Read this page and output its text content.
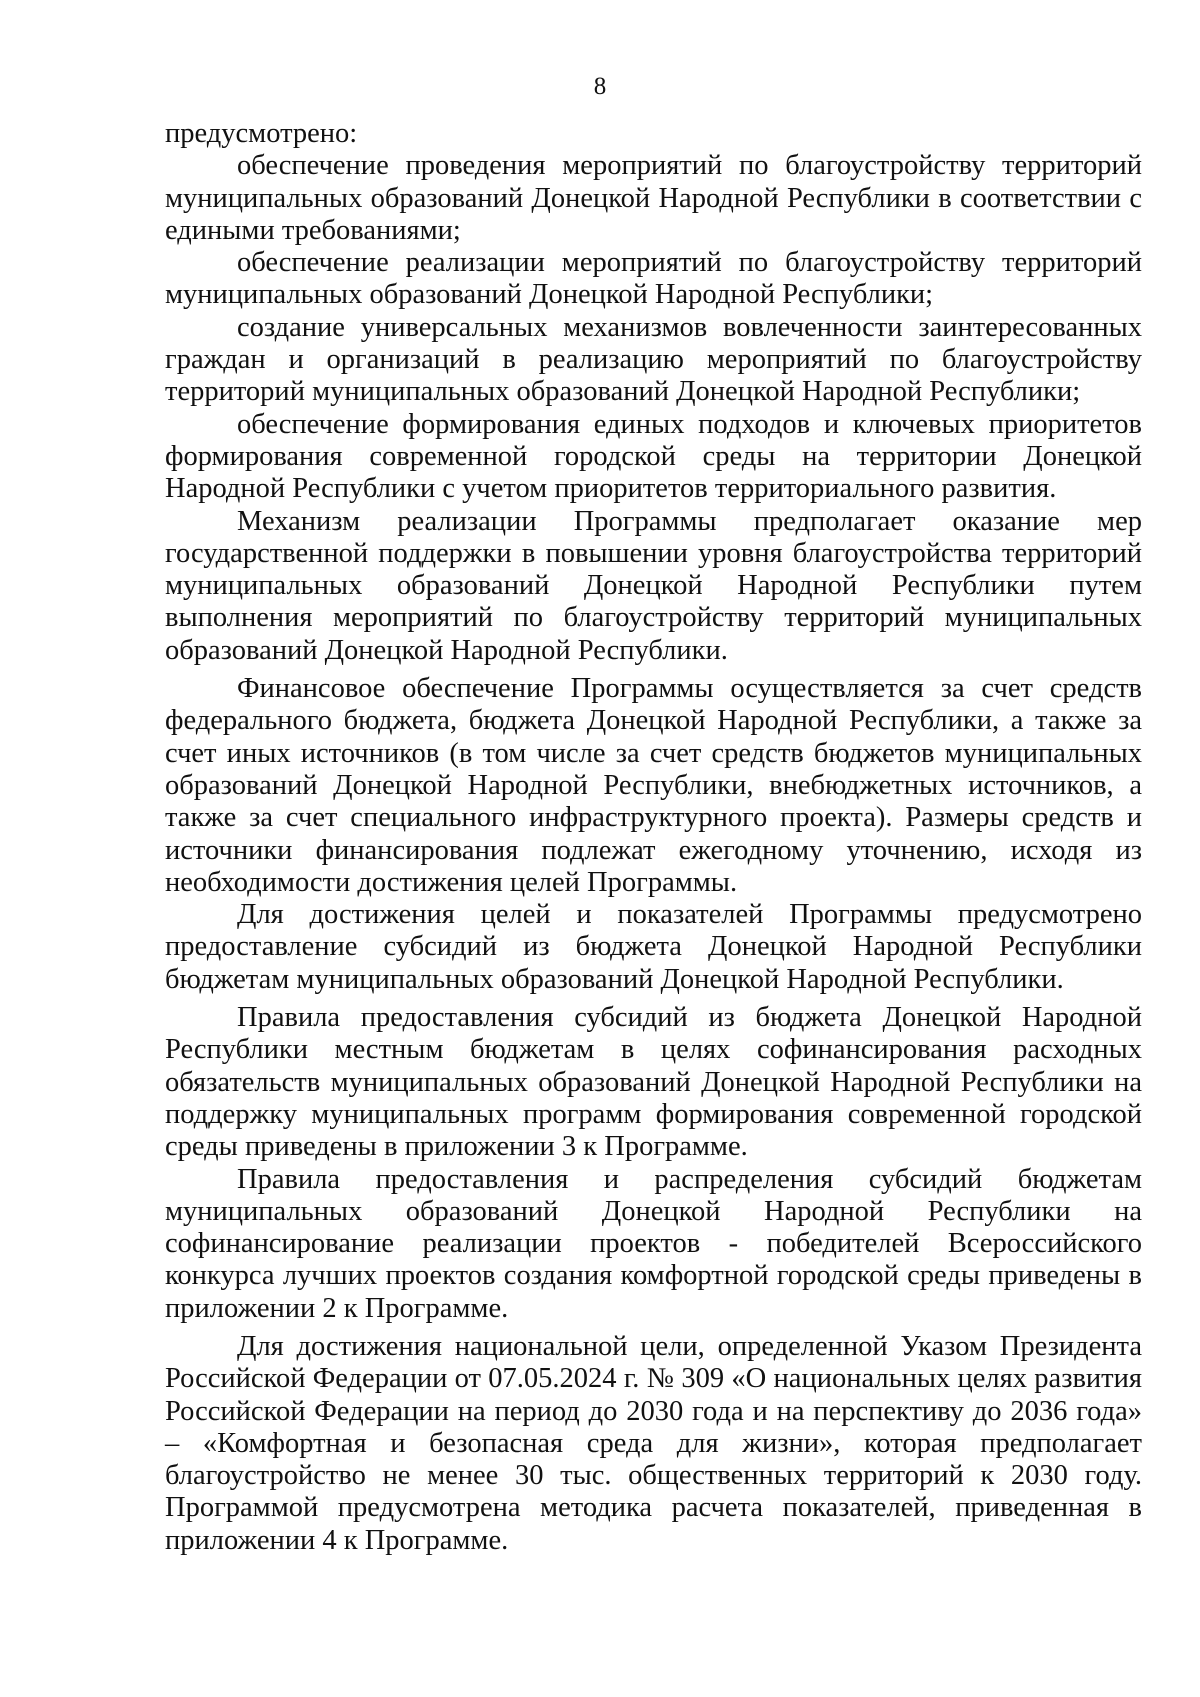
8

предусмотрено:

обеспечение проведения мероприятий по благоустройству территорий муниципальных образований Донецкой Народной Республики в соответствии с едиными требованиями;

обеспечение реализации мероприятий по благоустройству территорий муниципальных образований Донецкой Народной Республики;

создание универсальных механизмов вовлеченности заинтересованных граждан и организаций в реализацию мероприятий по благоустройству территорий муниципальных образований Донецкой Народной Республики;

обеспечение формирования единых подходов и ключевых приоритетов формирования современной городской среды на территории Донецкой Народной Республики с учетом приоритетов территориального развития.

Механизм реализации Программы предполагает оказание мер государственной поддержки в повышении уровня благоустройства территорий муниципальных образований Донецкой Народной Республики путем выполнения мероприятий по благоустройству территорий муниципальных образований Донецкой Народной Республики.

Финансовое обеспечение Программы осуществляется за счет средств федерального бюджета, бюджета Донецкой Народной Республики, а также за счет иных источников (в том числе за счет средств бюджетов муниципальных образований Донецкой Народной Республики, внебюджетных источников, а также за счет специального инфраструктурного проекта). Размеры средств и источники финансирования подлежат ежегодному уточнению, исходя из необходимости достижения целей Программы.

Для достижения целей и показателей Программы предусмотрено предоставление субсидий из бюджета Донецкой Народной Республики бюджетам муниципальных образований Донецкой Народной Республики.

Правила предоставления субсидий из бюджета Донецкой Народной Республики местным бюджетам в целях софинансирования расходных обязательств муниципальных образований Донецкой Народной Республики на поддержку муниципальных программ формирования современной городской среды приведены в приложении 3 к Программе.

Правила предоставления и распределения субсидий бюджетам муниципальных образований Донецкой Народной Республики на софинансирование реализации проектов - победителей Всероссийского конкурса лучших проектов создания комфортной городской среды приведены в приложении 2 к Программе.

Для достижения национальной цели, определенной Указом Президента Российской Федерации от 07.05.2024 г. № 309 «О национальных целях развития Российской Федерации на период до 2030 года и на перспективу до 2036 года» – «Комфортная и безопасная среда для жизни», которая предполагает благоустройство не менее 30 тыс. общественных территорий к 2030 году. Программой предусмотрена методика расчета показателей, приведенная в приложении 4 к Программе.
